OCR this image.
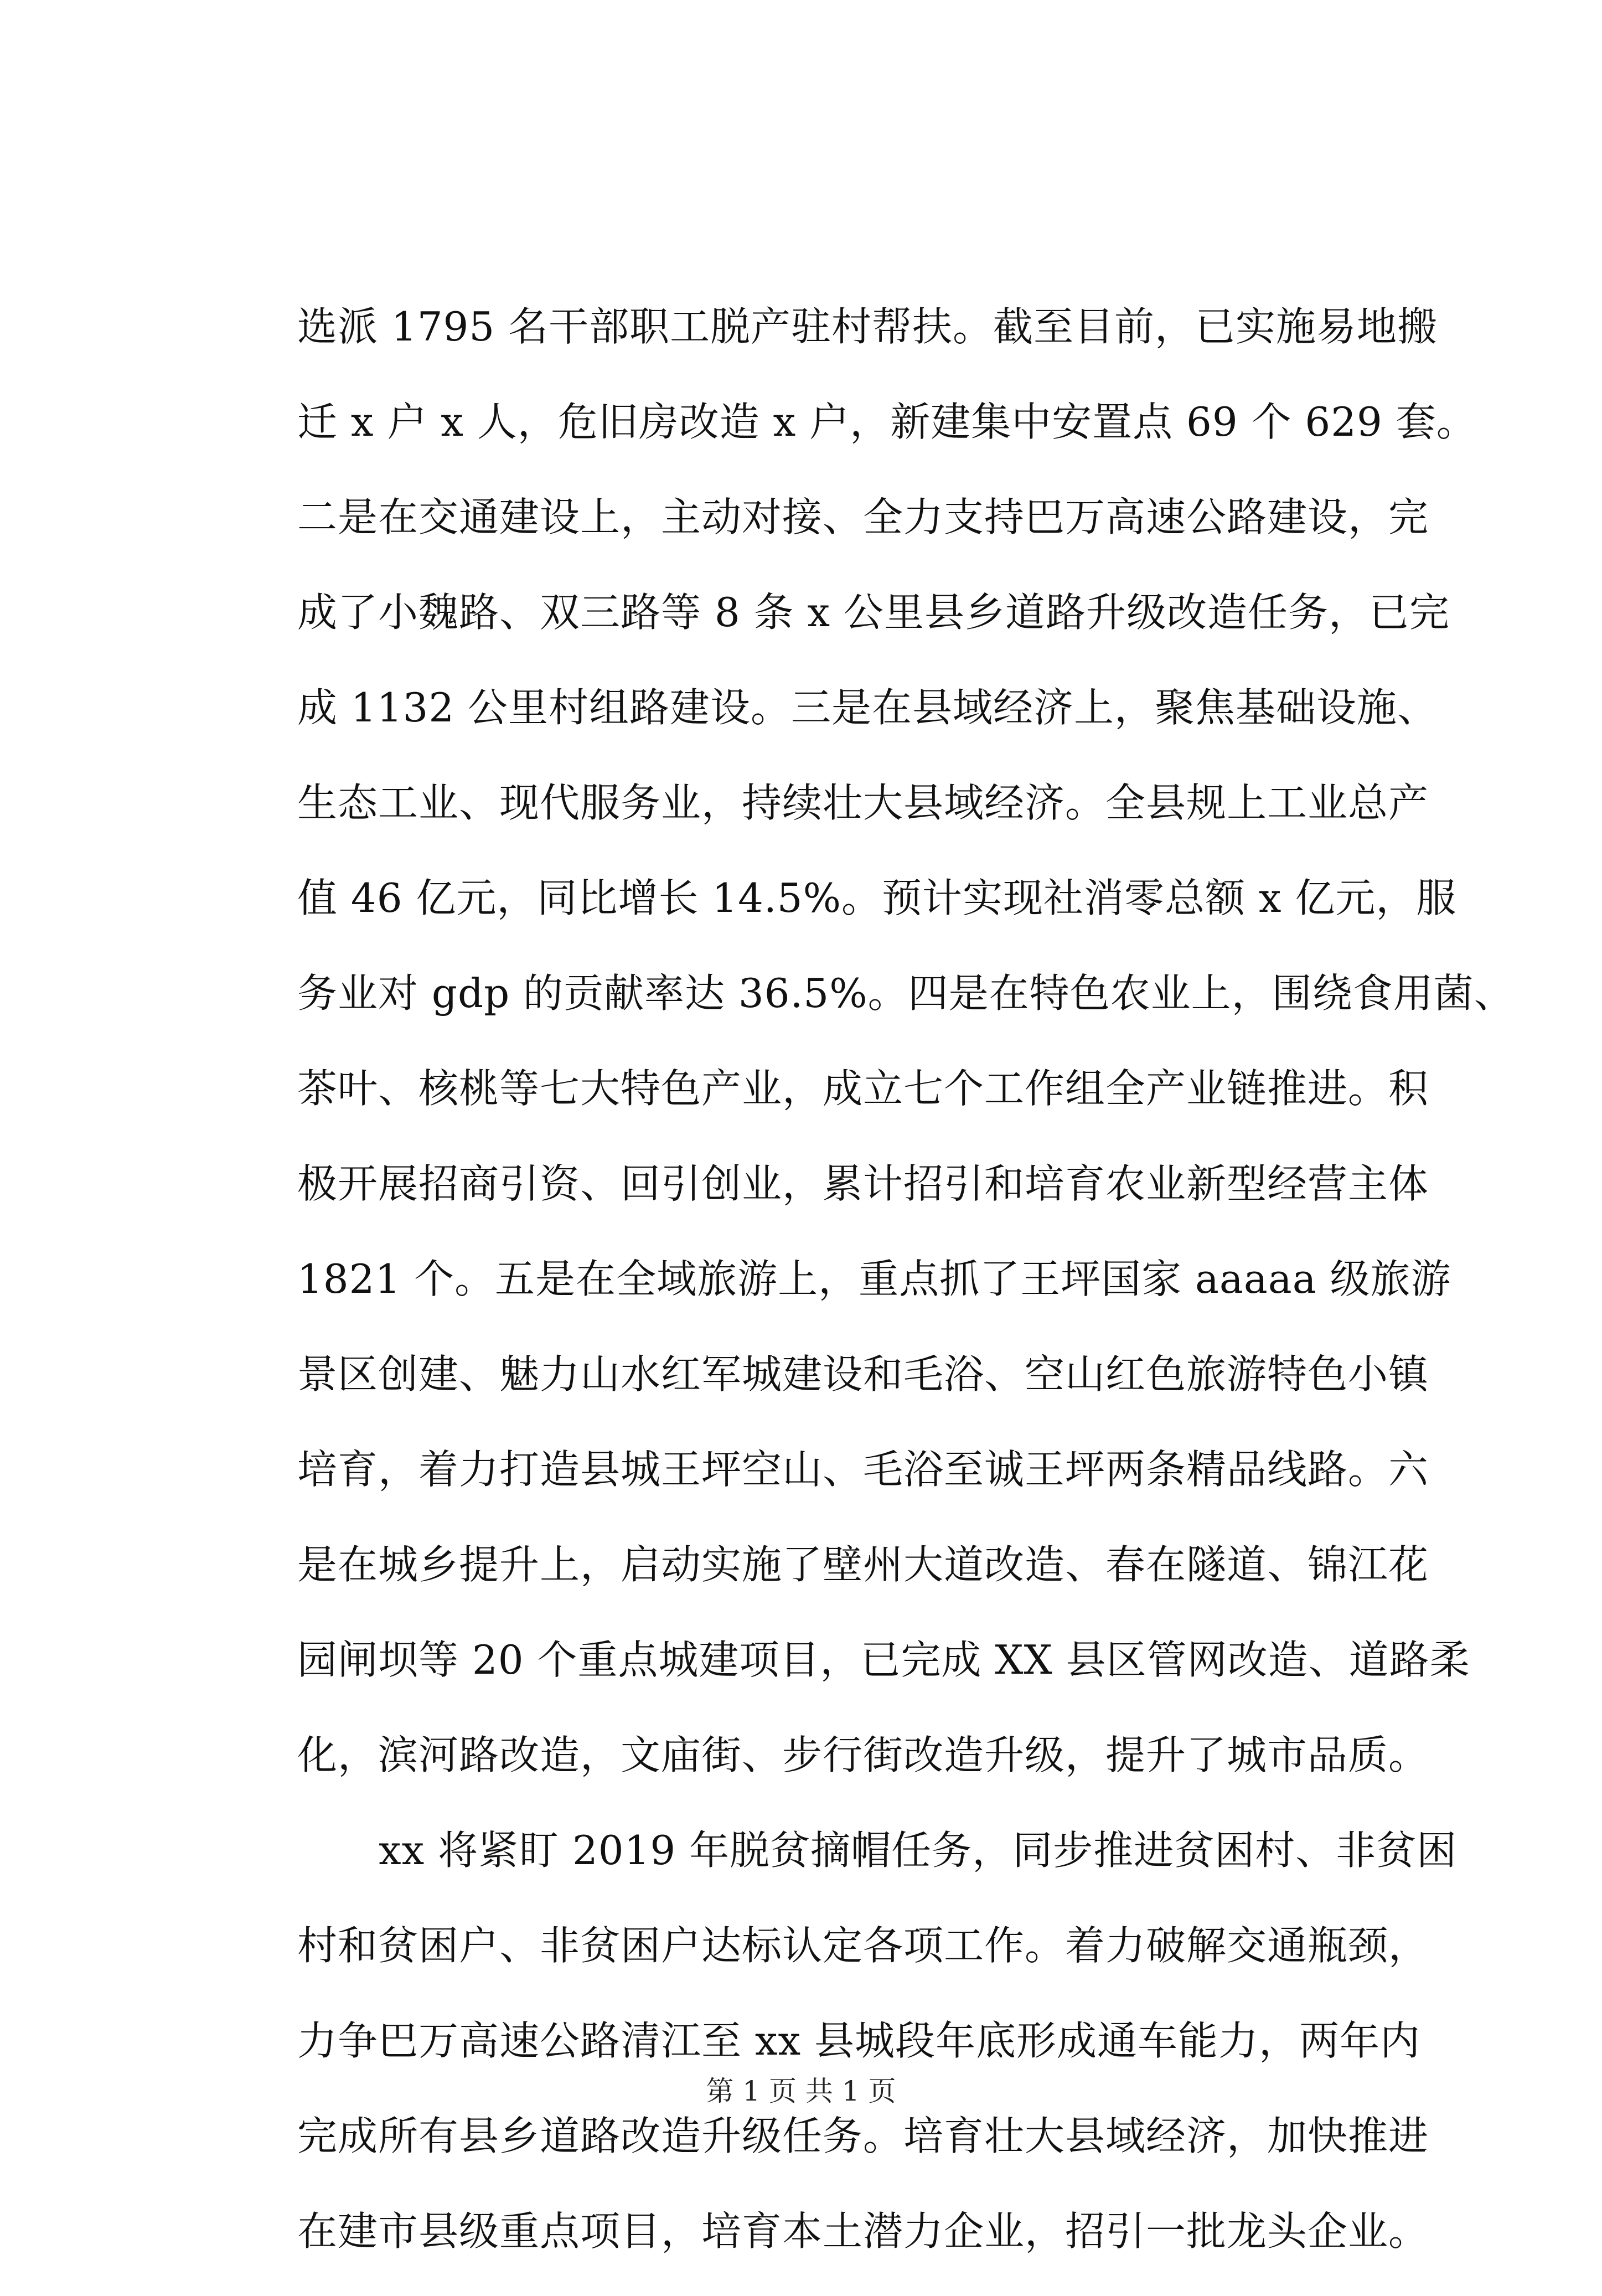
选派 1795 名干部职工脱产驻村帮扶。截至目前，已实施易地搬
迁 x 户 x 人，危旧房改造 x 户，新建集中安置点 69 个 629 套。
二是在交通建设上，主动对接、全力支持巴万高速公路建设，完
成了小魏路、双三路等 8 条 x 公里县乡道路升级改造任务，已完
成 1132 公里村组路建设。三是在县域经济上，聚焦基础设施、
生态工业、现代服务业，持续壮大县域经济。全县规上工业总产
值 46 亿元，同比增长 14.5%。预计实现社消零总额 x 亿元，服
务业对 gdp 的贡献率达 36.5%。四是在特色农业上，围绕食用菌、
茶叶、核桃等七大特色产业，成立七个工作组全产业链推进。积
极开展招商引资、回引创业，累计招引和培育农业新型经营主体
1821 个。五是在全域旅游上，重点抓了王坪国家 aaaaa 级旅游
景区创建、魅力山水红军城建设和毛浴、空山红色旅游特色小镇
培育，着力打造县城王坪空山、毛浴至诚王坪两条精品线路。六
是在城乡提升上，启动实施了壁州大道改造、春在隧道、锦江花
园闸坝等 20 个重点城建项目，已完成 XX 县区管网改造、道路柔
化，滨河路改造，文庙街、步行街改造升级，提升了城市品质。
xx 将紧盯 2019 年脱贫摘帽任务，同步推进贫困村、非贫困
村和贫困户、非贫困户达标认定各项工作。着力破解交通瓶颈，
力争巴万高速公路清江至 xx 县城段年底形成通车能力，两年内
完成所有县乡道路改造升级任务。培育壮大县域经济，加快推进
在建市县级重点项目，培育本土潜力企业，招引一批龙头企业。
第 1 页 共 1 页
